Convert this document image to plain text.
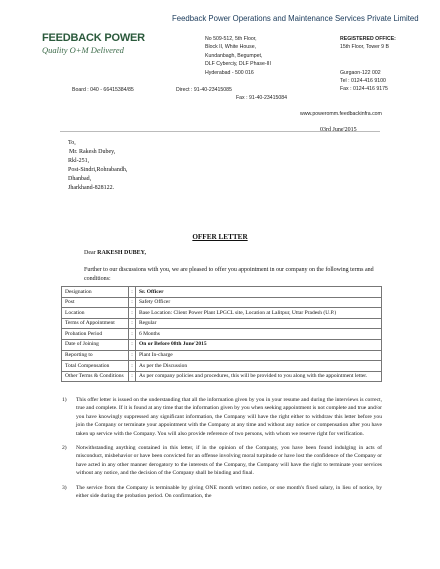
FEEDBACK POWER
Quality O+M Delivered
Feedback Power Operations and Maintenance Services Private Limited
No 509-512, 5th Floor,
Block II, White House,
Kundanbagh, Begumpet,
DLF Cyberciy, DLF Phase-III
Hyderabad - 500 016
REGISTERED OFFICE:
15th Floor, Tower 9 B
Gurgaon-122 002
Tel : 0124-416 9100
Fax : 0124-416 9175
Board : 040 - 66415384/85	Direct : 91-40-23415085
Fax : 91-40-23415084
www.poweromm.feedbackinfra.com
03rd June'2015
To,
Mr. Rakesh Dubey,
Rkl-251,
Post-Sindri,Rohrabandh,
Dhanbad,
Jharkhand-828122.
OFFER LETTER
Dear RAKESH DUBEY,
Further to our discussions with you, we are pleased to offer you appointment in our company on the following terms and conditions:
Designation	:	Sr. Officer
Post	:	Safety Officer
Location	:	Base Location: Client Power Plant LPGCL site, Location at Lalitpur, Uttar Pradesh (U.P.)
Terms of Appointment	:	Regular
Probation Period	:	6 Months
Date of Joining	:	On or Before 08th June'2015
Reporting to	:	Plant In-charge
Total Compensation	:	As per the Discussion
Other Terms & Conditions	:	As per company policies and procedures, this will be provided to you along with the appointment letter.
1)	This offer letter is issued on the understanding that all the information given by you in your resume and during the interviews is correct, true and complete. If it is found at any time that the information given by you when seeking appointment is not complete and true and/or you have knowingly suppressed any significant information, the Company will have the right either to withdraw this letter before you join the Company or terminate your appointment with the Company at any time and without any notice or compensation after you have taken up service with the Company. You will also provide reference of two persons, with whom we reserve right for verification.
2)	Notwithstanding anything contained in this letter, if in the opinion of the Company, you have been found indulging in acts of misconduct, misbehavior or have been convicted for an offense involving moral turpitude or have lost the confidence of the Company or have acted in any other manner derogatory to the interests of the Company, the Company will have the right to terminate your services without any notice, and the decision of the Company shall be binding and final.
3)	The service from the Company is terminable by giving ONE month written notice, or one month's fixed salary, in lieu of notice, by either side during the probation period. On confirmation, the
